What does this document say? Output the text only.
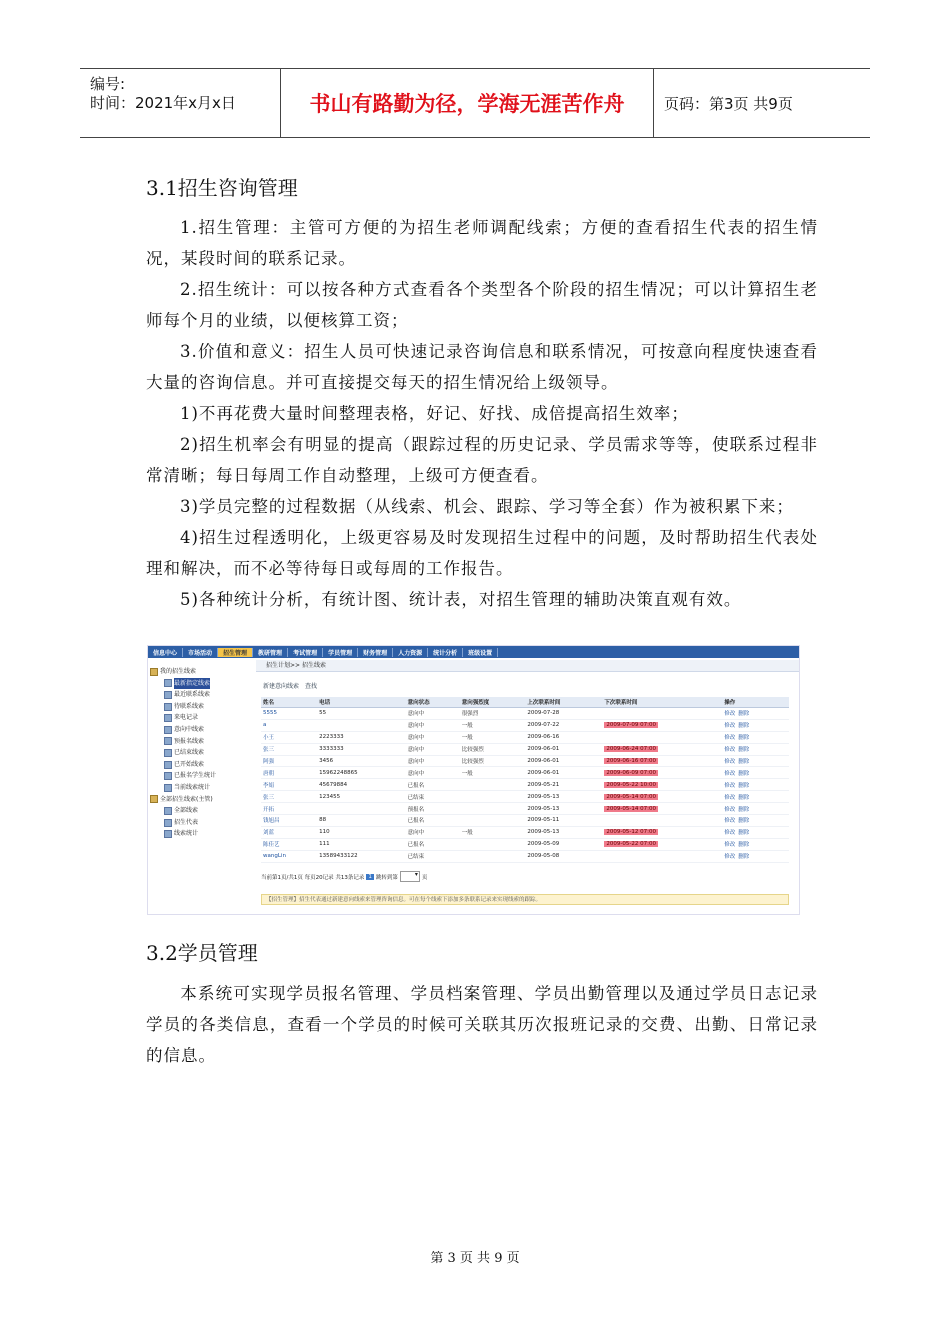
编号:
时间：2021年x月x日	书山有路勤为径，学海无涯苦作舟	页码：第3页 共9页
3.1招生咨询管理
1.招生管理：主管可方便的为招生老师调配线索；方便的查看招生代表的招生情况，某段时间的联系记录。
2.招生统计：可以按各种方式查看各个类型各个阶段的招生情况；可以计算招生老师每个月的业绩，以便核算工资；
3.价值和意义：招生人员可快速记录咨询信息和联系情况，可按意向程度快速查看大量的咨询信息。并可直接提交每天的招生情况给上级领导。
1)不再花费大量时间整理表格，好记、好找、成倍提高招生效率；
2)招生机率会有明显的提高（跟踪过程的历史记录、学员需求等等，使联系过程非常清晰；每日每周工作自动整理，上级可方便查看。
3)学员完整的过程数据（从线索、机会、跟踪、学习等全套）作为被积累下来；
4)招生过程透明化，上级更容易及时发现招生过程中的问题，及时帮助招生代表处理和解决，而不必等待每日或每周的工作报告。
5)各种统计分析，有统计图、统计表，对招生管理的辅助决策直观有效。
信息中心	市场活动	招生管理	教研管理	考试管理	学员管理	财务管理	人力资源	统计分析	班级设置
招生计划>> 招生线索
我的招生线索
最新指定线索
最近联系线索
待联系线索
来电记录
意向中线索
预报名线索
已结束线索
已开始线索
已报名学生统计
当前线索统计
全部招生线索(主管)
全部线索
招生代表
线索统计
新建意向线索 查找
姓名	电话	意向状态	意向强烈度	上次联系时间	下次联系时间	操作
5555	55	意向中	很强烈	2009-07-28		修改 删除
a		意向中	一般	2009-07-22	2009-07-09 07:00	修改 删除
小王	2223333	意向中	一般	2009-06-16		修改 删除
张三	3333333	意向中	比较强烈	2009-06-01	2009-06-24 07:00	修改 删除
阿强	3456	意向中	比较强烈	2009-06-01	2009-06-16 07:00	修改 删除
唐朝	15962248865	意向中	一般	2009-06-01	2009-06-09 07:00	修改 删除
李娟	45679884	已报名		2009-05-21	2009-05-22 10:00	修改 删除
张三	123455	已结束		2009-05-13	2009-05-14 07:00	修改 删除
开拓		预报名		2009-05-13	2009-05-14 07:00	修改 删除
钱旭昌	88	已报名		2009-05-11		修改 删除
刘蓝	110	意向中	一般	2009-05-13	2009-05-12 07:00	修改 删除
陈佳艺	111	已报名		2009-05-09	2009-05-22 07:00	修改 删除
wangLin	13589433122	已结束		2009-05-08		修改 删除
当前第1页/共1页 每页20记录 共13条记录 1 跳转到第 ▾	页
【招生管理】招生代表通过新建意向线索来管理咨询信息。可在每个线索下添加多条联系记录来实现线索的跟踪。
3.2学员管理
本系统可实现学员报名管理、学员档案管理、学员出勤管理以及通过学员日志记录学员的各类信息，查看一个学员的时候可关联其历次报班记录的交费、出勤、日常记录的信息。
第 3 页 共 9 页
